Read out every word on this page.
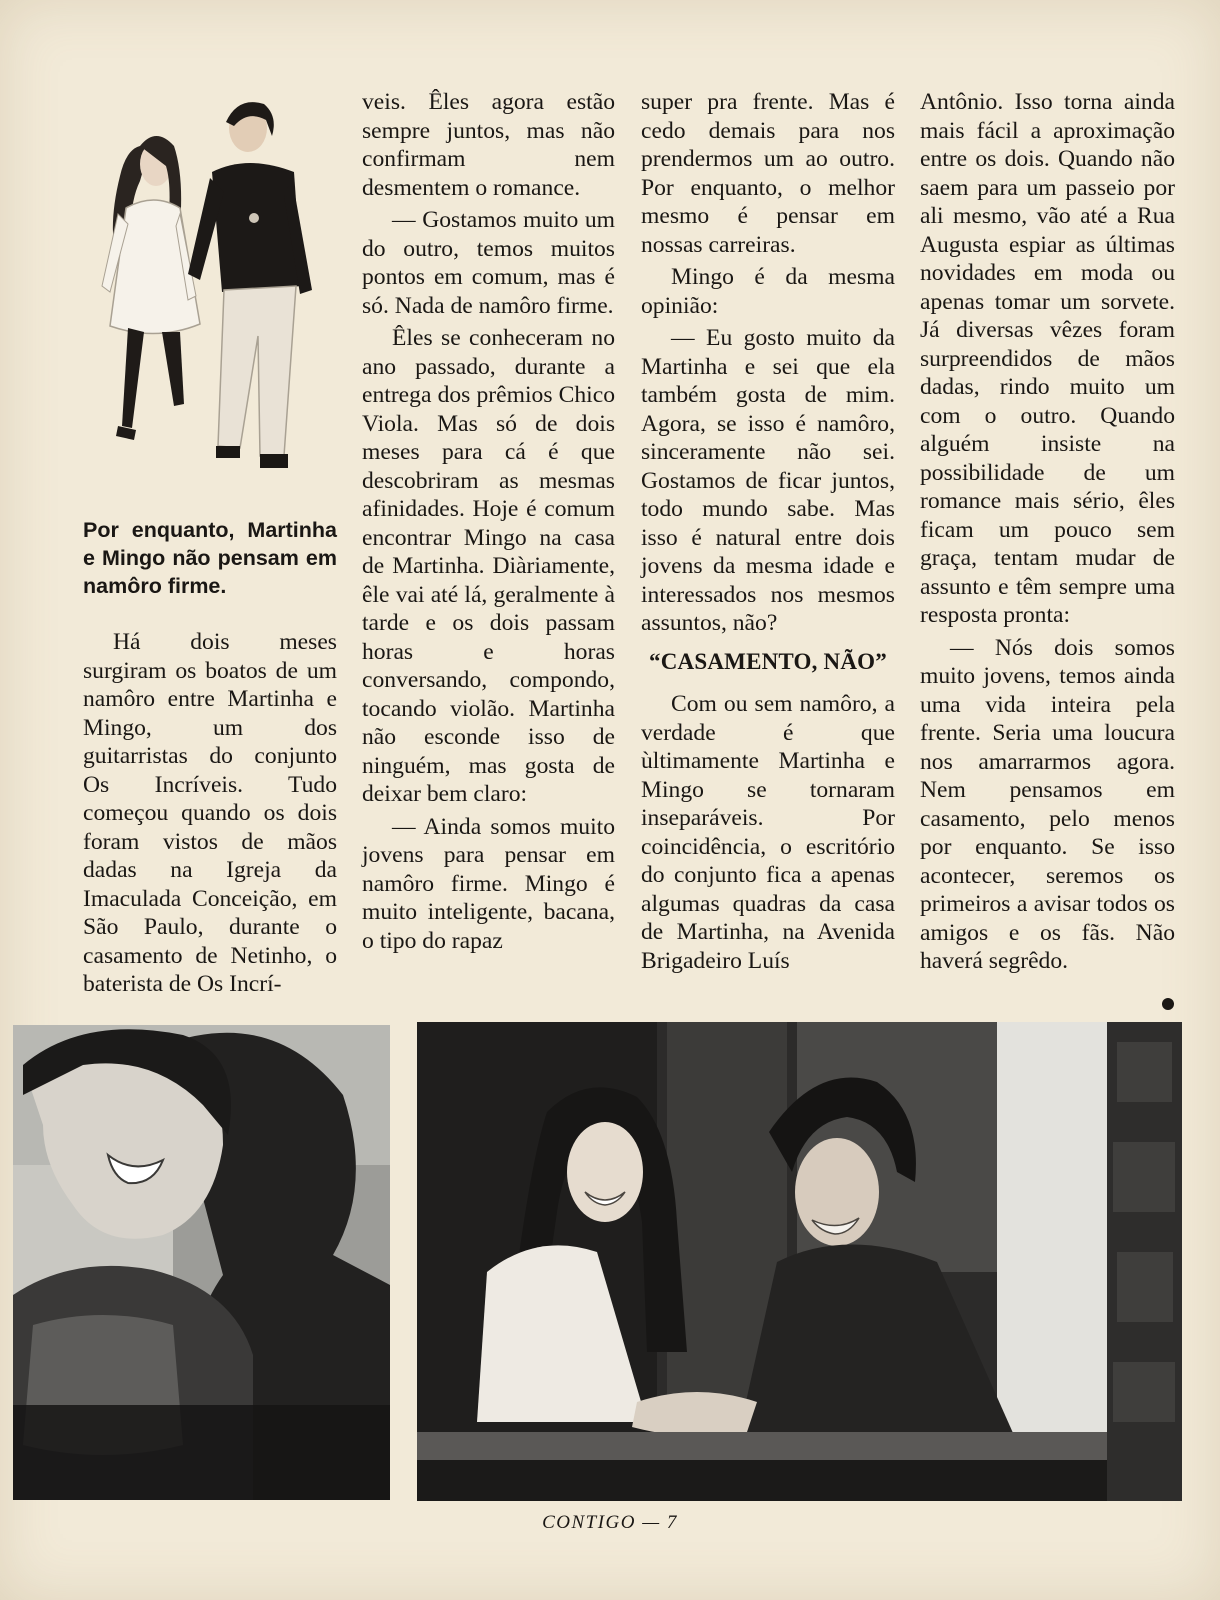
Por enquanto, Martinha e Mingo não pensam em namôro firme.

Há dois meses surgiram os boatos de um namôro entre Martinha e Mingo, um dos guitarristas do conjunto Os Incríveis. Tudo começou quando os dois foram vistos de mãos dadas na Igreja da Imaculada Conceição, em São Paulo, durante o casamento de Netinho, o baterista de Os Incrí-

veis. Êles agora estão sempre juntos, mas não confirmam nem desmentem o romance.

— Gostamos muito um do outro, temos muitos pontos em comum, mas é só. Nada de namôro firme.

Êles se conheceram no ano passado, durante a entrega dos prêmios Chico Viola. Mas só de dois meses para cá é que descobriram as mesmas afinidades. Hoje é comum encontrar Mingo na casa de Martinha. Diàriamente, êle vai até lá, geralmente à tarde e os dois passam horas e horas conversando, compondo, tocando violão. Martinha não esconde isso de ninguém, mas gosta de deixar bem claro:

— Ainda somos muito jovens para pensar em namôro firme. Mingo é muito inteligente, bacana, o tipo do rapaz

super pra frente. Mas é cedo demais para nos prendermos um ao outro. Por enquanto, o melhor mesmo é pensar em nossas carreiras.

Mingo é da mesma opinião:

— Eu gosto muito da Martinha e sei que ela também gosta de mim. Agora, se isso é namôro, sinceramente não sei. Gostamos de ficar juntos, todo mundo sabe. Mas isso é natural entre dois jovens da mesma idade e interessados nos mesmos assuntos, não?

“CASAMENTO, NÃO”

Com ou sem namôro, a verdade é que ùltimamente Martinha e Mingo se tornaram inseparáveis. Por coincidência, o escritório do conjunto fica a apenas algumas quadras da casa de Martinha, na Avenida Brigadeiro Luís

Antônio. Isso torna ainda mais fácil a aproximação entre os dois. Quando não saem para um passeio por ali mesmo, vão até a Rua Augusta espiar as últimas novidades em moda ou apenas tomar um sorvete. Já diversas vêzes foram surpreendidos de mãos dadas, rindo muito um com o outro. Quando alguém insiste na possibilidade de um romance mais sério, êles ficam um pouco sem graça, tentam mudar de assunto e têm sempre uma resposta pronta:

— Nós dois somos muito jovens, temos ainda uma vida inteira pela frente. Seria uma loucura nos amarrarmos agora. Nem pensamos em casamento, pelo menos por enquanto. Se isso acontecer, seremos os primeiros a avisar todos os amigos e os fãs. Não haverá segrêdo.

CONTIGO — 7
